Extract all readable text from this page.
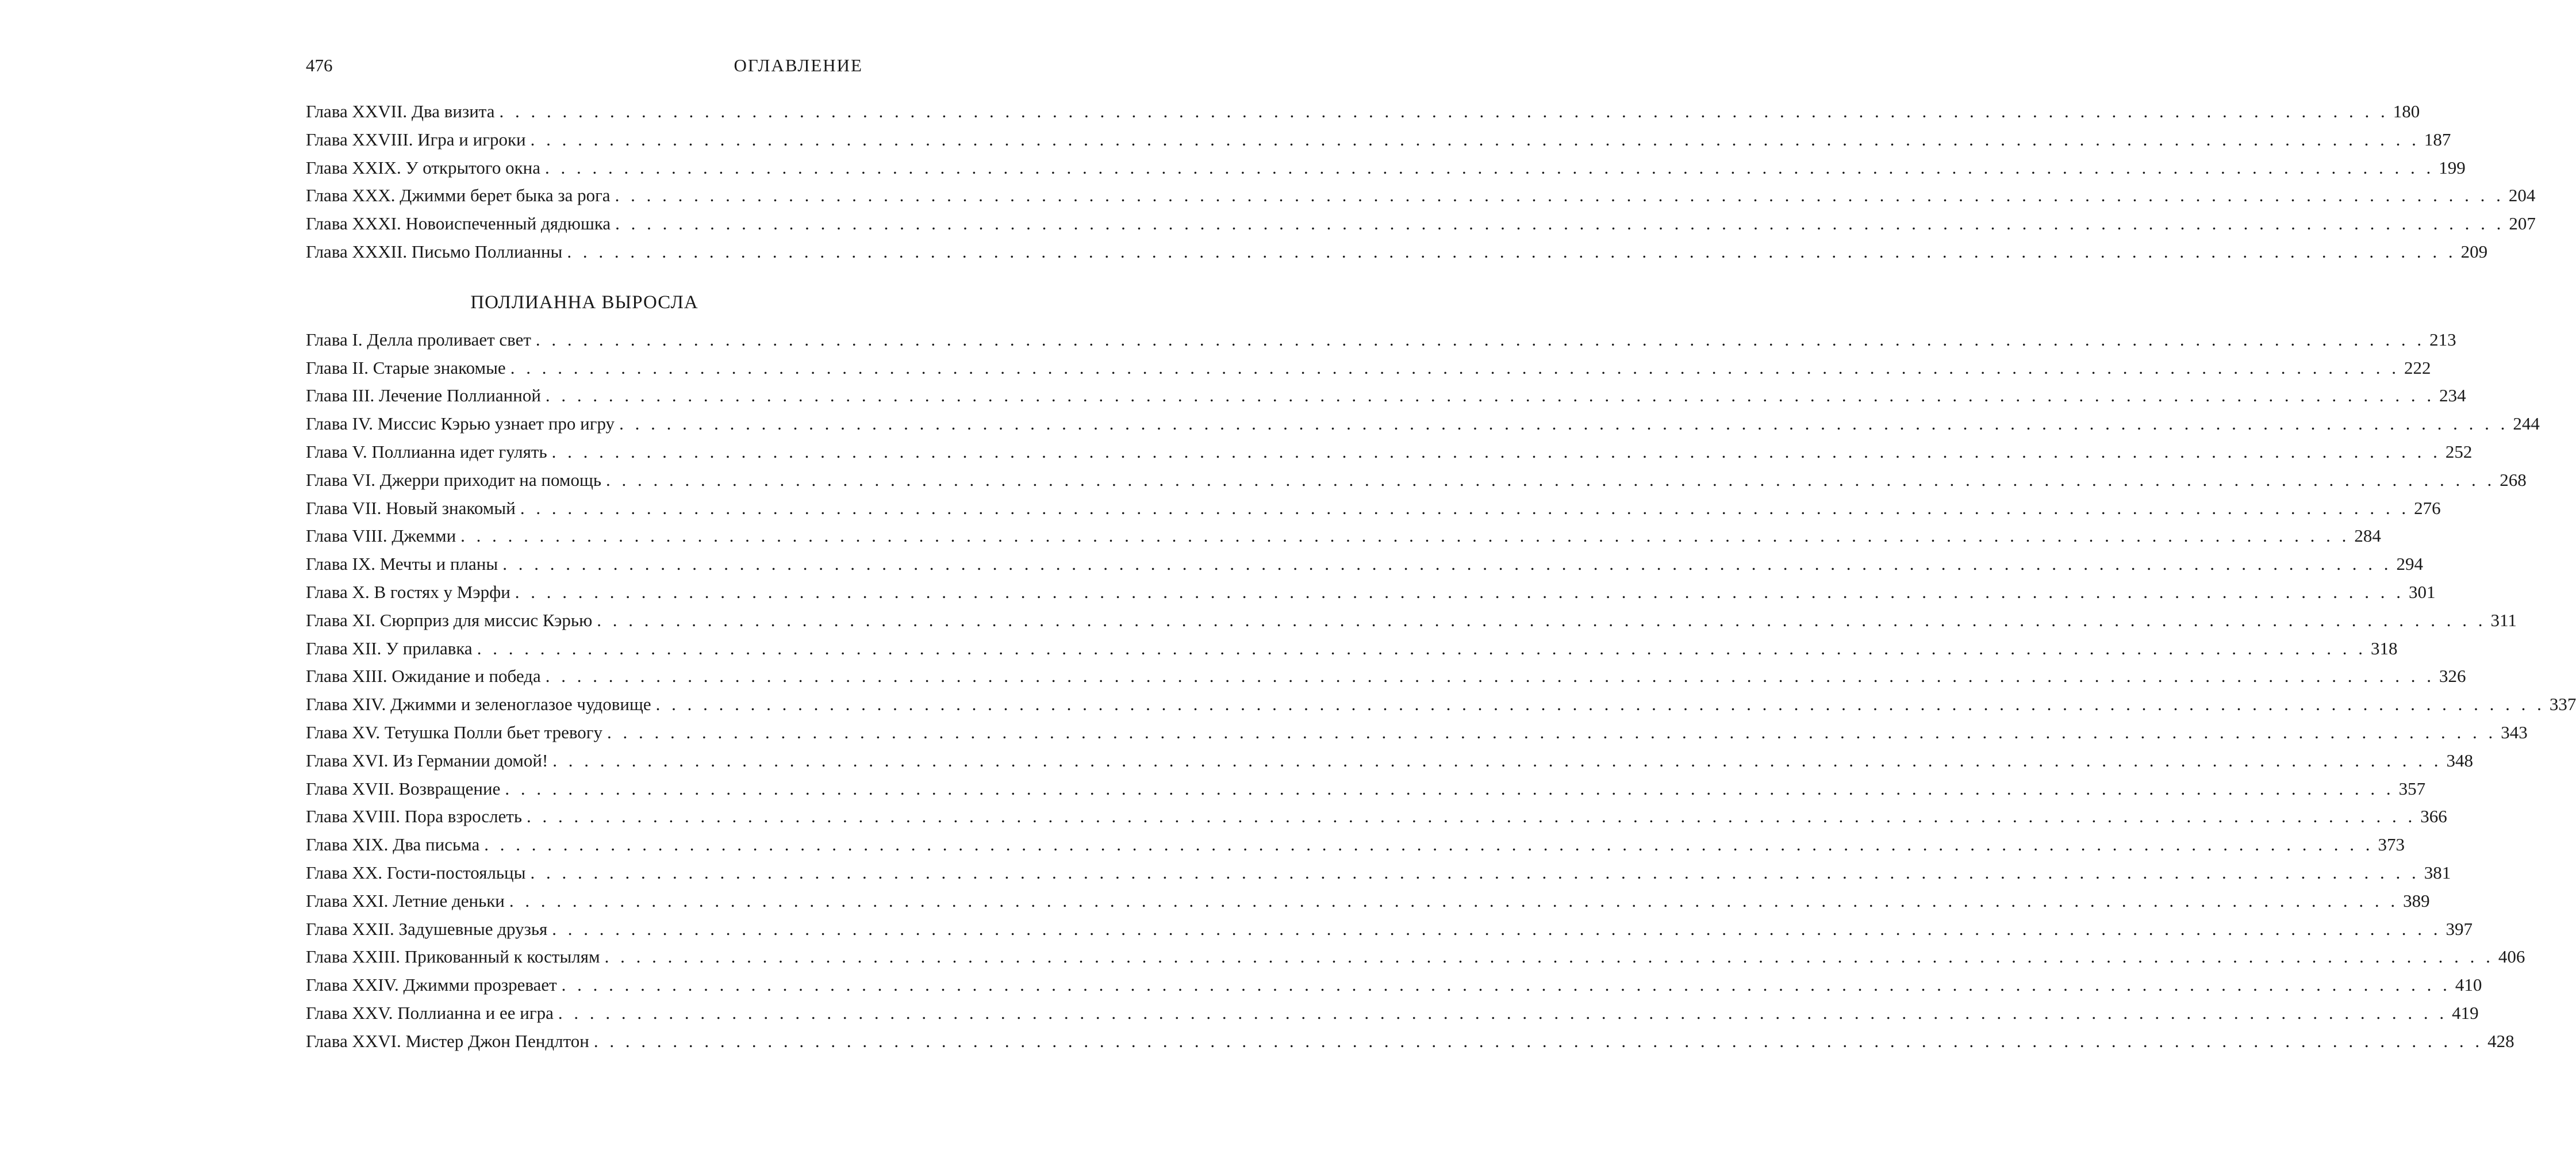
476	ОГЛАВЛЕНИЕ
Глава XXVII. Два визита . . . . . . . . . . . . . . . . . . . . . . . . . . . . . . . . . . . . . . . . . . . . . . . . . . . . . . . . . . . . . . . . . . . . . . . . . . . . . . . . . . . . . . . . . . . . . . . . . . . . . . . . . . . . . . . . . . . . . . . . 180
Глава XXVIII. Игра и игроки . . . . . . . . . . . . . . . . . . . . . . . . . . . . . . . . . . . . . . . . . . . . . . . . . . . . . . . . . . . . . . . . . . . . . . . . . . . . . . . . . . . . . . . . . . . . . . . . . . . . . . . . . . . . . . . . . . . . . . . . 187
Глава XXIX. У открытого окна . . . . . . . . . . . . . . . . . . . . . . . . . . . . . . . . . . . . . . . . . . . . . . . . . . . . . . . . . . . . . . . . . . . . . . . . . . . . . . . . . . . . . . . . . . . . . . . . . . . . . . . . . . . . . . . . . . . . . . . . 199
Глава XXX. Джимми берет быка за рога . . . . . . . . . . . . . . . . . . . . . . . . . . . . . . . . . . . . . . . . . . . . . . . . . . . . . . . . . . . . . . . . . . . . . . . . . . . . . . . . . . . . . . . . . . . . . . . . . . . . . . . . . . . . . . . . . . . . . . . . 204
Глава XXXI. Новоиспеченный дядюшка . . . . . . . . . . . . . . . . . . . . . . . . . . . . . . . . . . . . . . . . . . . . . . . . . . . . . . . . . . . . . . . . . . . . . . . . . . . . . . . . . . . . . . . . . . . . . . . . . . . . . . . . . . . . . . . . . . . . . . . . 207
Глава XXXII. Письмо Поллианны . . . . . . . . . . . . . . . . . . . . . . . . . . . . . . . . . . . . . . . . . . . . . . . . . . . . . . . . . . . . . . . . . . . . . . . . . . . . . . . . . . . . . . . . . . . . . . . . . . . . . . . . . . . . . . . . . . . . . . . . 209
ПОЛЛИАННА ВЫРОСЛА
Глава I. Делла проливает свет . . . . . . . . . . . . . . . . . . . . . . . . . . . . . . . . . . . . . . . . . . . . . . . . . . . . . . . . . . . . . . . . . . . . . . . . . . . . . . . . . . . . . . . . . . . . . . . . . . . . . . . . . . . . . . . . . . . . . . . . 213
Глава II. Старые знакомые . . . . . . . . . . . . . . . . . . . . . . . . . . . . . . . . . . . . . . . . . . . . . . . . . . . . . . . . . . . . . . . . . . . . . . . . . . . . . . . . . . . . . . . . . . . . . . . . . . . . . . . . . . . . . . . . . . . . . . . . 222
Глава III. Лечение Поллианной . . . . . . . . . . . . . . . . . . . . . . . . . . . . . . . . . . . . . . . . . . . . . . . . . . . . . . . . . . . . . . . . . . . . . . . . . . . . . . . . . . . . . . . . . . . . . . . . . . . . . . . . . . . . . . . . . . . . . . . . 234
Глава IV. Миссис Кэрью узнает про игру . . . . . . . . . . . . . . . . . . . . . . . . . . . . . . . . . . . . . . . . . . . . . . . . . . . . . . . . . . . . . . . . . . . . . . . . . . . . . . . . . . . . . . . . . . . . . . . . . . . . . . . . . . . . . . . . . . . . . . . . 244
Глава V. Поллианна идет гулять . . . . . . . . . . . . . . . . . . . . . . . . . . . . . . . . . . . . . . . . . . . . . . . . . . . . . . . . . . . . . . . . . . . . . . . . . . . . . . . . . . . . . . . . . . . . . . . . . . . . . . . . . . . . . . . . . . . . . . . . 252
Глава VI. Джерри приходит на помощь . . . . . . . . . . . . . . . . . . . . . . . . . . . . . . . . . . . . . . . . . . . . . . . . . . . . . . . . . . . . . . . . . . . . . . . . . . . . . . . . . . . . . . . . . . . . . . . . . . . . . . . . . . . . . . . . . . . . . . . . 268
Глава VII. Новый знакомый . . . . . . . . . . . . . . . . . . . . . . . . . . . . . . . . . . . . . . . . . . . . . . . . . . . . . . . . . . . . . . . . . . . . . . . . . . . . . . . . . . . . . . . . . . . . . . . . . . . . . . . . . . . . . . . . . . . . . . . . 276
Глава VIII. Джемми . . . . . . . . . . . . . . . . . . . . . . . . . . . . . . . . . . . . . . . . . . . . . . . . . . . . . . . . . . . . . . . . . . . . . . . . . . . . . . . . . . . . . . . . . . . . . . . . . . . . . . . . . . . . . . . . . . . . . . . . 284
Глава IX. Мечты и планы . . . . . . . . . . . . . . . . . . . . . . . . . . . . . . . . . . . . . . . . . . . . . . . . . . . . . . . . . . . . . . . . . . . . . . . . . . . . . . . . . . . . . . . . . . . . . . . . . . . . . . . . . . . . . . . . . . . . . . . . 294
Глава X. В гостях у Мэрфи . . . . . . . . . . . . . . . . . . . . . . . . . . . . . . . . . . . . . . . . . . . . . . . . . . . . . . . . . . . . . . . . . . . . . . . . . . . . . . . . . . . . . . . . . . . . . . . . . . . . . . . . . . . . . . . . . . . . . . . . 301
Глава XI. Сюрприз для миссис Кэрью . . . . . . . . . . . . . . . . . . . . . . . . . . . . . . . . . . . . . . . . . . . . . . . . . . . . . . . . . . . . . . . . . . . . . . . . . . . . . . . . . . . . . . . . . . . . . . . . . . . . . . . . . . . . . . . . . . . . . . . . 311
Глава XII. У прилавка . . . . . . . . . . . . . . . . . . . . . . . . . . . . . . . . . . . . . . . . . . . . . . . . . . . . . . . . . . . . . . . . . . . . . . . . . . . . . . . . . . . . . . . . . . . . . . . . . . . . . . . . . . . . . . . . . . . . . . . . 318
Глава XIII. Ожидание и победа . . . . . . . . . . . . . . . . . . . . . . . . . . . . . . . . . . . . . . . . . . . . . . . . . . . . . . . . . . . . . . . . . . . . . . . . . . . . . . . . . . . . . . . . . . . . . . . . . . . . . . . . . . . . . . . . . . . . . . . . 326
Глава XIV. Джимми и зеленоглазое чудовище . . . . . . . . . . . . . . . . . . . . . . . . . . . . . . . . . . . . . . . . . . . . . . . . . . . . . . . . . . . . . . . . . . . . . . . . . . . . . . . . . . . . . . . . . . . . . . . . . . . . . . . . . . . . . . . . . . . . . . . . 337
Глава XV. Тетушка Полли бьет тревогу . . . . . . . . . . . . . . . . . . . . . . . . . . . . . . . . . . . . . . . . . . . . . . . . . . . . . . . . . . . . . . . . . . . . . . . . . . . . . . . . . . . . . . . . . . . . . . . . . . . . . . . . . . . . . . . . . . . . . . . . 343
Глава XVI. Из Германии домой! . . . . . . . . . . . . . . . . . . . . . . . . . . . . . . . . . . . . . . . . . . . . . . . . . . . . . . . . . . . . . . . . . . . . . . . . . . . . . . . . . . . . . . . . . . . . . . . . . . . . . . . . . . . . . . . . . . . . . . . . 348
Глава XVII. Возвращение . . . . . . . . . . . . . . . . . . . . . . . . . . . . . . . . . . . . . . . . . . . . . . . . . . . . . . . . . . . . . . . . . . . . . . . . . . . . . . . . . . . . . . . . . . . . . . . . . . . . . . . . . . . . . . . . . . . . . . . . 357
Глава XVIII. Пора взрослеть . . . . . . . . . . . . . . . . . . . . . . . . . . . . . . . . . . . . . . . . . . . . . . . . . . . . . . . . . . . . . . . . . . . . . . . . . . . . . . . . . . . . . . . . . . . . . . . . . . . . . . . . . . . . . . . . . . . . . . . . 366
Глава XIX. Два письма . . . . . . . . . . . . . . . . . . . . . . . . . . . . . . . . . . . . . . . . . . . . . . . . . . . . . . . . . . . . . . . . . . . . . . . . . . . . . . . . . . . . . . . . . . . . . . . . . . . . . . . . . . . . . . . . . . . . . . . . 373
Глава XX. Гости-постояльцы . . . . . . . . . . . . . . . . . . . . . . . . . . . . . . . . . . . . . . . . . . . . . . . . . . . . . . . . . . . . . . . . . . . . . . . . . . . . . . . . . . . . . . . . . . . . . . . . . . . . . . . . . . . . . . . . . . . . . . . . 381
Глава XXI. Летние деньки . . . . . . . . . . . . . . . . . . . . . . . . . . . . . . . . . . . . . . . . . . . . . . . . . . . . . . . . . . . . . . . . . . . . . . . . . . . . . . . . . . . . . . . . . . . . . . . . . . . . . . . . . . . . . . . . . . . . . . . . 389
Глава XXII. Задушевные друзья . . . . . . . . . . . . . . . . . . . . . . . . . . . . . . . . . . . . . . . . . . . . . . . . . . . . . . . . . . . . . . . . . . . . . . . . . . . . . . . . . . . . . . . . . . . . . . . . . . . . . . . . . . . . . . . . . . . . . . . . 397
Глава XXIII. Прикованный к костылям . . . . . . . . . . . . . . . . . . . . . . . . . . . . . . . . . . . . . . . . . . . . . . . . . . . . . . . . . . . . . . . . . . . . . . . . . . . . . . . . . . . . . . . . . . . . . . . . . . . . . . . . . . . . . . . . . . . . . . . . 406
Глава XXIV. Джимми прозревает . . . . . . . . . . . . . . . . . . . . . . . . . . . . . . . . . . . . . . . . . . . . . . . . . . . . . . . . . . . . . . . . . . . . . . . . . . . . . . . . . . . . . . . . . . . . . . . . . . . . . . . . . . . . . . . . . . . . . . . . 410
Глава XXV. Поллианна и ее игра . . . . . . . . . . . . . . . . . . . . . . . . . . . . . . . . . . . . . . . . . . . . . . . . . . . . . . . . . . . . . . . . . . . . . . . . . . . . . . . . . . . . . . . . . . . . . . . . . . . . . . . . . . . . . . . . . . . . . . . . 419
Глава XXVI. Мистер Джон Пендлтон . . . . . . . . . . . . . . . . . . . . . . . . . . . . . . . . . . . . . . . . . . . . . . . . . . . . . . . . . . . . . . . . . . . . . . . . . . . . . . . . . . . . . . . . . . . . . . . . . . . . . . . . . . . . . . . . . . . . . . . . 428
